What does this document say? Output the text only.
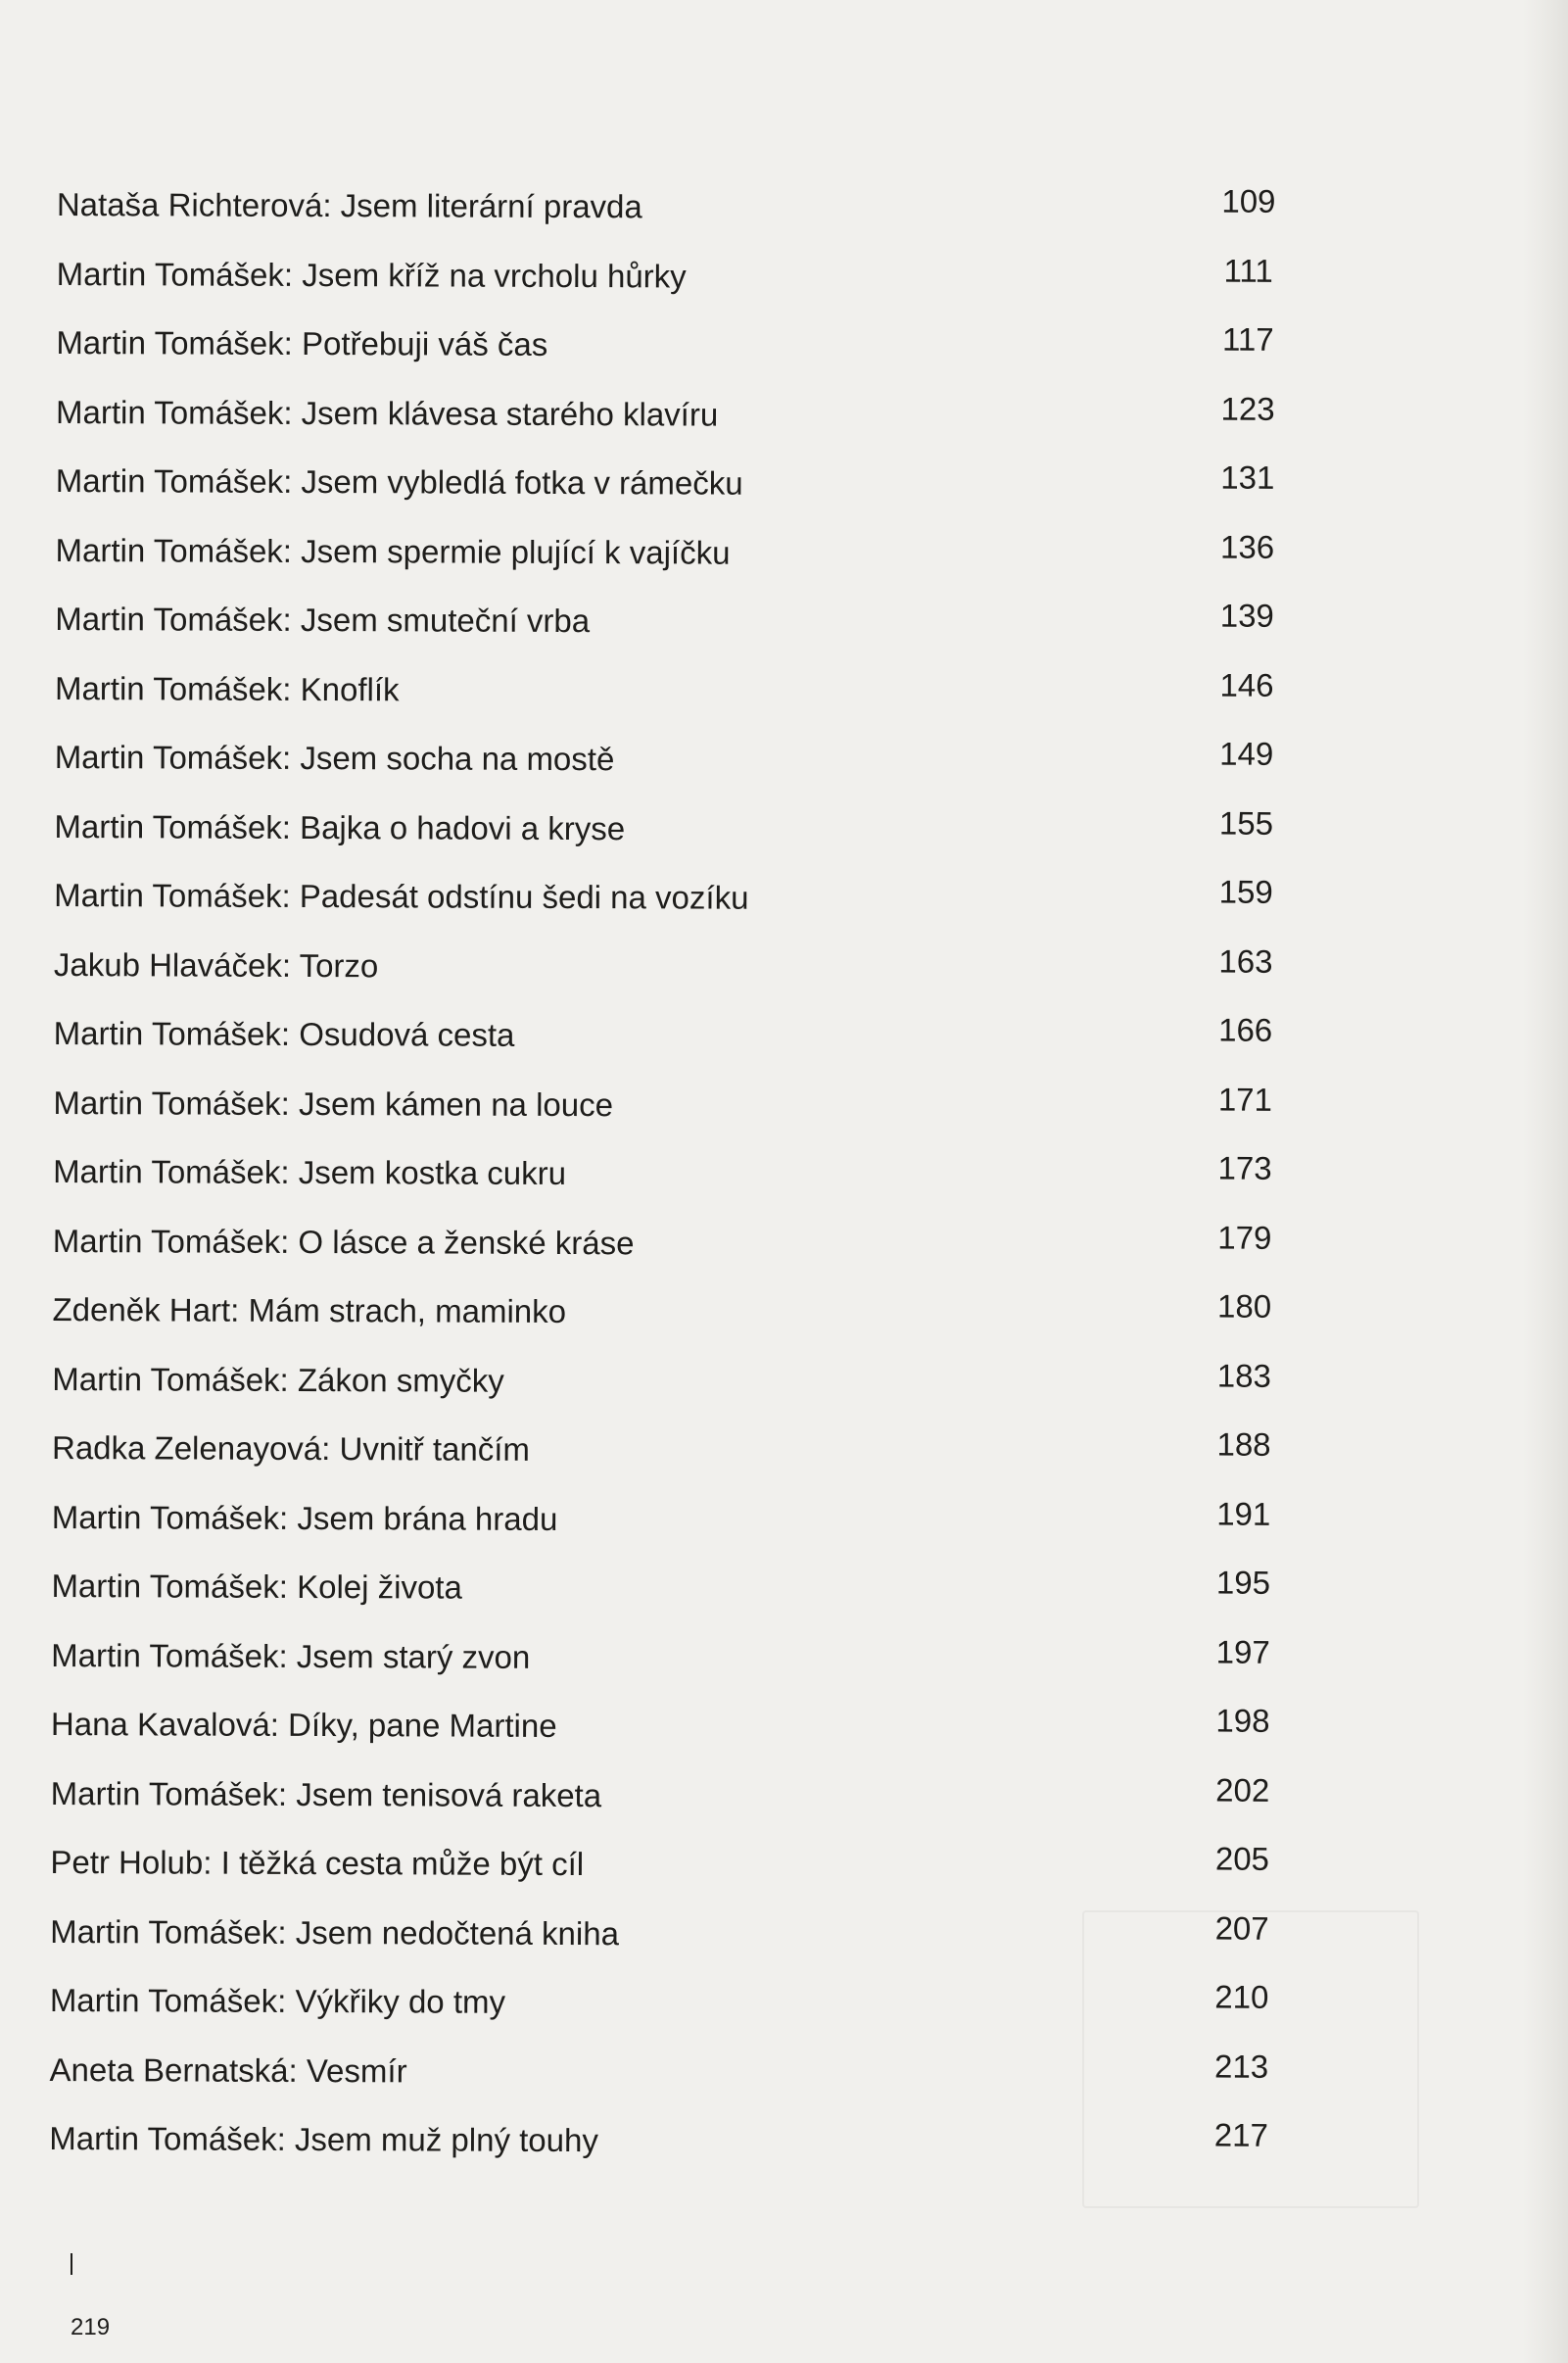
Nataša Richterová: Jsem literární pravda	109
Martin Tomášek: Jsem kříž na vrcholu hůrky	111
Martin Tomášek: Potřebuji váš čas	117
Martin Tomášek: Jsem klávesa starého klavíru	123
Martin Tomášek: Jsem vybledlá fotka v rámečku	131
Martin Tomášek: Jsem spermie plující k vajíčku	136
Martin Tomášek: Jsem smuteční vrba	139
Martin Tomášek: Knoflík	146
Martin Tomášek: Jsem socha na mostě	149
Martin Tomášek: Bajka o hadovi a kryse	155
Martin Tomášek: Padesát odstínu šedi na vozíku	159
Jakub Hlaváček: Torzo	163
Martin Tomášek: Osudová cesta	166
Martin Tomášek: Jsem kámen na louce	171
Martin Tomášek: Jsem kostka cukru	173
Martin Tomášek: O lásce a ženské kráse	179
Zdeněk Hart: Mám strach, maminko	180
Martin Tomášek: Zákon smyčky	183
Radka Zelenayová: Uvnitř tančím	188
Martin Tomášek: Jsem brána hradu	191
Martin Tomášek: Kolej života	195
Martin Tomášek: Jsem starý zvon	197
Hana Kavalová: Díky, pane Martine	198
Martin Tomášek: Jsem tenisová raketa	202
Petr Holub: I těžká cesta může být cíl	205
Martin Tomášek: Jsem nedočtená kniha	207
Martin Tomášek: Výkřiky do tmy	210
Aneta Bernatská: Vesmír	213
Martin Tomášek: Jsem muž plný touhy	217
219
